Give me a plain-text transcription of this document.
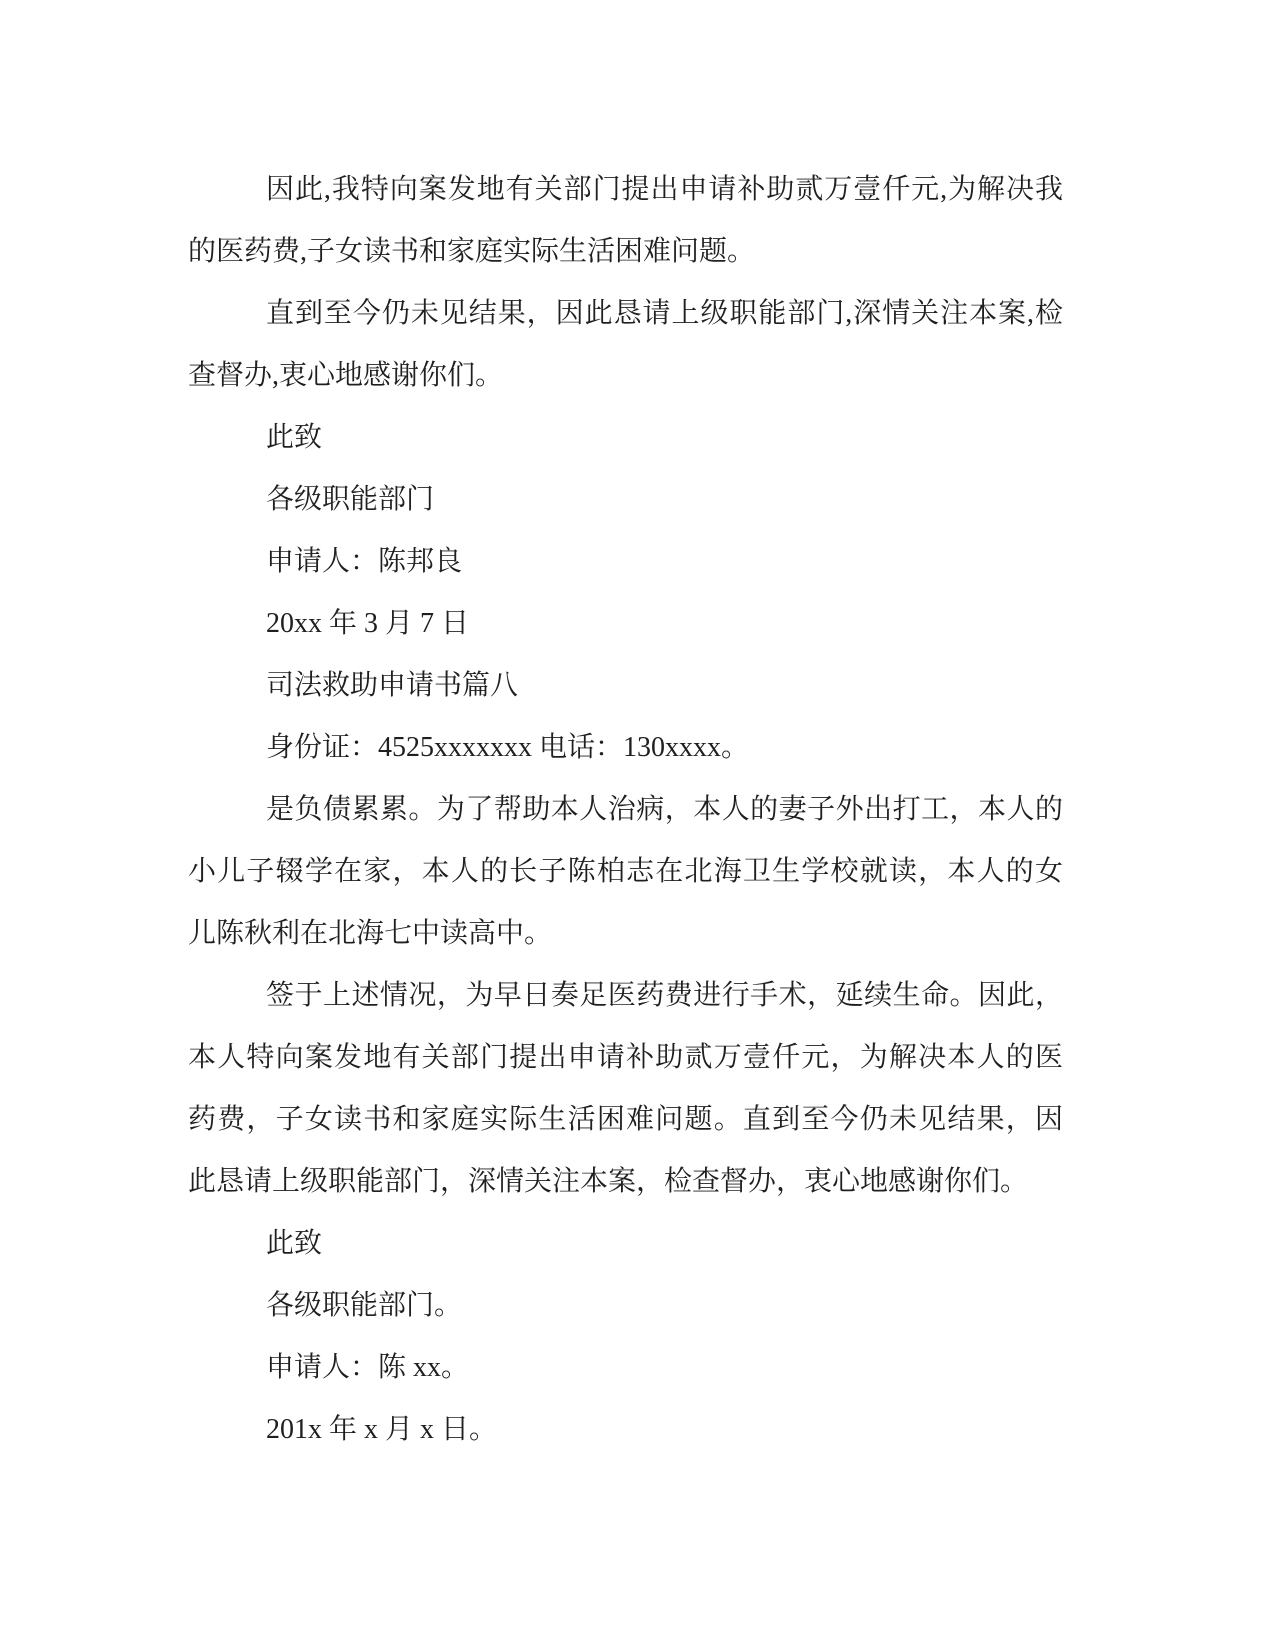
因此,我特向案发地有关部门提出申请补助贰万壹仟元,为解决我
的医药费,子女读书和家庭实际生活困难问题。
直到至今仍未见结果，因此恳请上级职能部门,深情关注本案,检
查督办,衷心地感谢你们。
此致
各级职能部门
申请人：陈邦良
20xx 年 3 月 7 日
司法救助申请书篇八
身份证：4525xxxxxxx 电话：130xxxx。
是负债累累。为了帮助本人治病，本人的妻子外出打工，本人的
小儿子辍学在家，本人的长子陈柏志在北海卫生学校就读，本人的女
儿陈秋利在北海七中读高中。
签于上述情况，为早日奏足医药费进行手术，延续生命。因此，
本人特向案发地有关部门提出申请补助贰万壹仟元，为解决本人的医
药费，子女读书和家庭实际生活困难问题。直到至今仍未见结果，因
此恳请上级职能部门，深情关注本案，检查督办，衷心地感谢你们。
此致
各级职能部门。
申请人：陈 xx。
201x 年 x 月 x 日。
